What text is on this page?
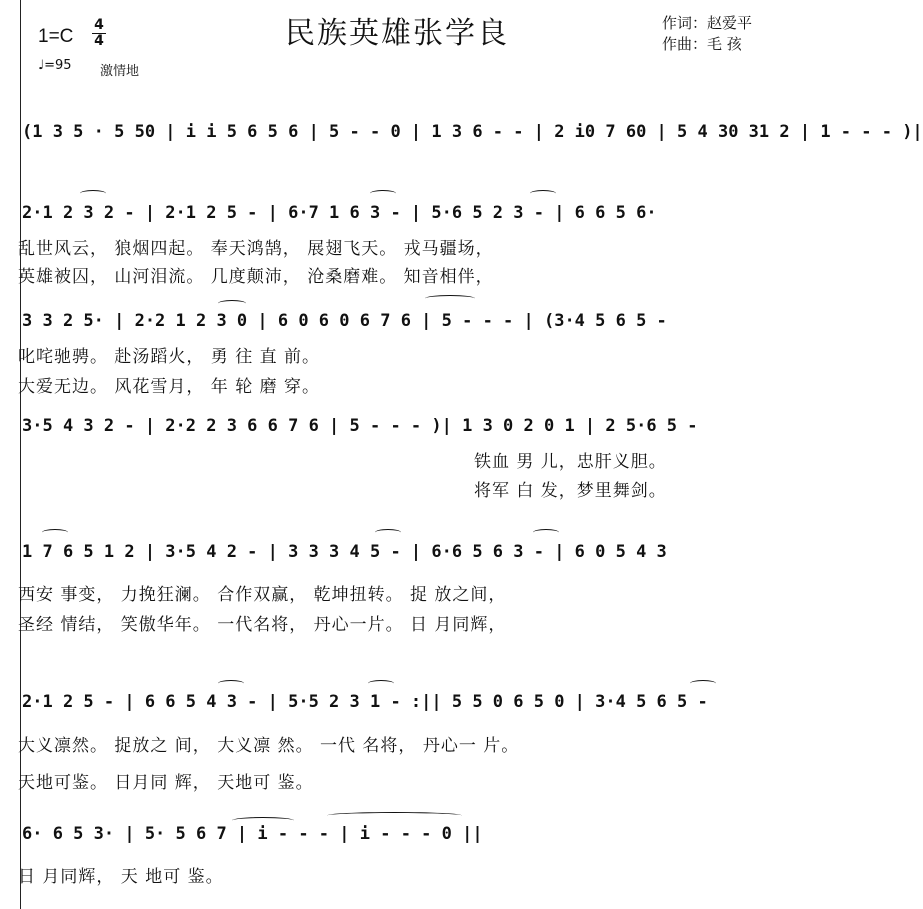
民族英雄张学良	作词：赵爱平
作曲：毛 孩
1=C
4
4
♩=95 激情地
(1 3 5 · 5 50 | i i 5 6 5 6 | 5 - - 0 | 1 3 6 - - | 2 i0 7 60 | 5 4 30 31 2 | 1 - - - )|
2·1 2 3 2 - | 2·1 2 5 - | 6·7 1 6 3 - | 5·6 5 2 3 - | 6 6 5 6·
乱世风云， 狼烟四起。 奉天鸿鹄， 展翅飞天。 戎马疆场，
英雄被囚， 山河泪流。 几度颠沛， 沧桑磨难。 知音相伴，
3 3 2 5· | 2·2 1 2 3 0 | 6 0 6 0 6 7 6 | 5 - - - | (3·4 5 6 5 -
叱咤驰骋。 赴汤蹈火， 勇 往 直 前。
大爱无边。 风花雪月， 年 轮 磨 穿。
3·5 4 3 2 - | 2·2 2 3 6 6 7 6 | 5 - - - )| 1 3 0 2 0 1 | 2 5·6 5 -
铁血 男 儿，忠肝义胆。
将军 白 发，梦里舞剑。
1 7 6 5 1 2 | 3·5 4 2 - | 3 3 3 4 5 - | 6·6 5 6 3 - | 6 0 5 4 3
西安 事变， 力挽狂澜。 合作双赢， 乾坤扭转。 捉 放之间，
圣经 情结， 笑傲华年。 一代名将， 丹心一片。 日 月同辉，
2·1 2 5 - | 6 6 5 4 3 - | 5·5 2 3 1 - :|| 5 5 0 6 5 0 | 3·4 5 6 5 -
大义凛然。 捉放之 间， 大义凛 然。 一代 名将， 丹心一 片。
天地可鉴。 日月同 辉， 天地可 鉴。
6· 6 5 3· | 5· 5 6 7 | i - - - | i - - - 0 ||
日 月同辉， 天 地可 鉴。
